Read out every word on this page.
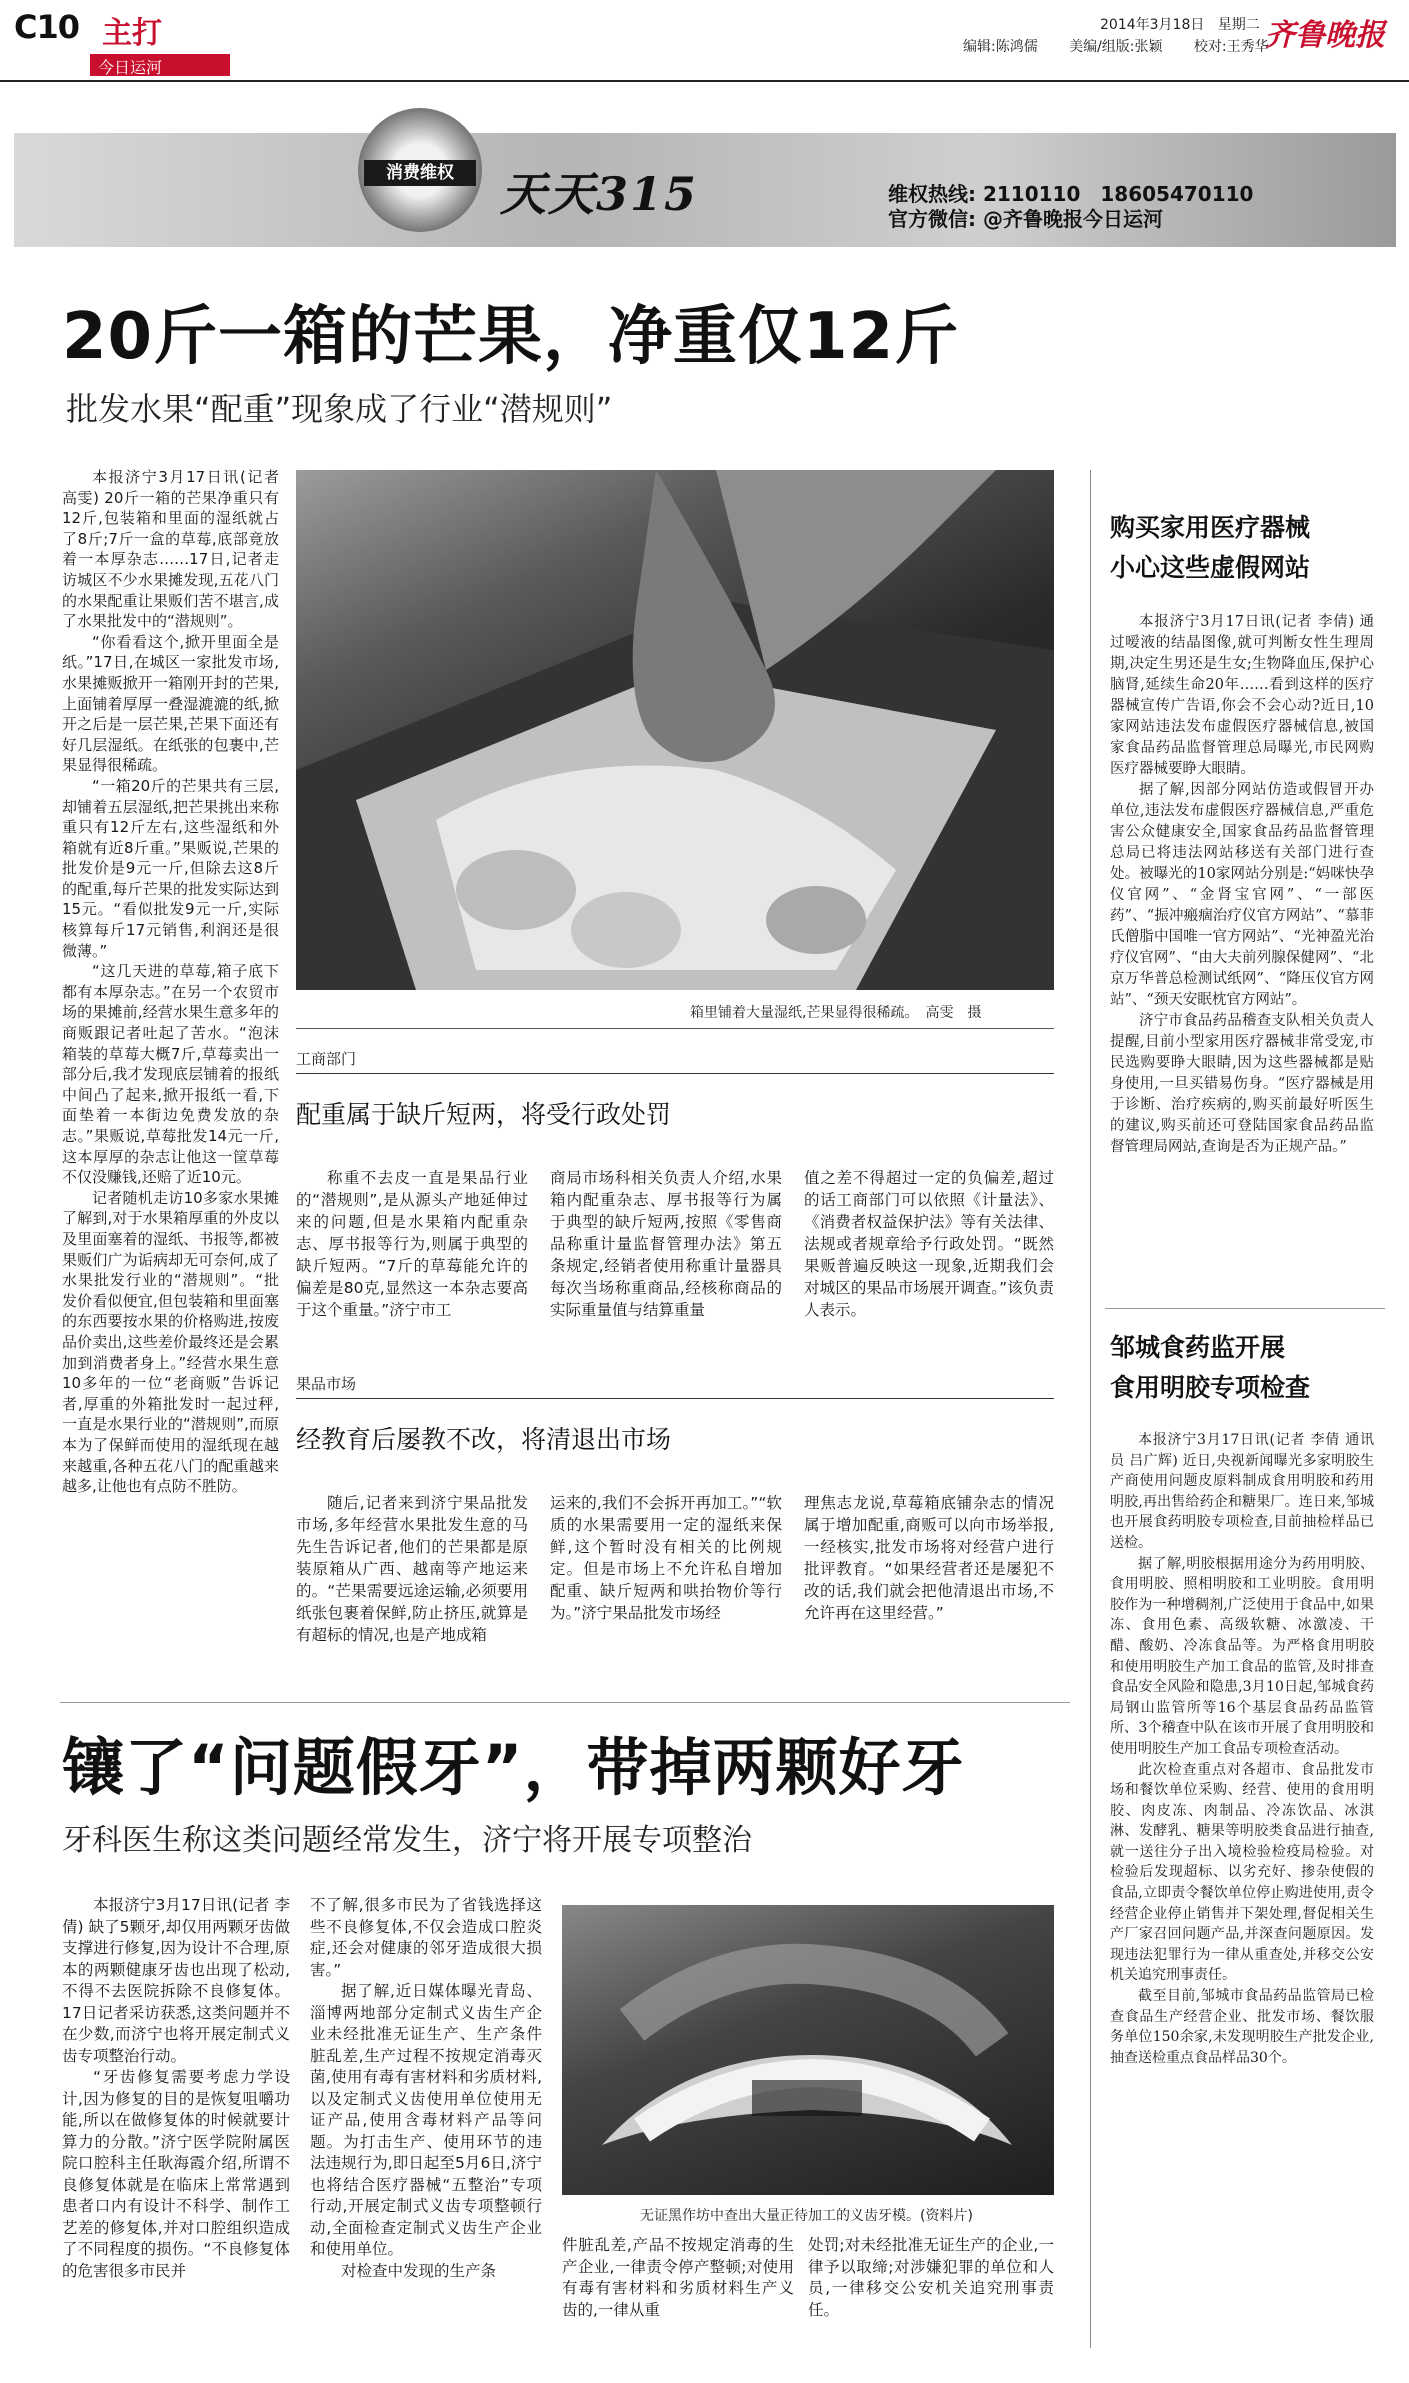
C10 主打
今日运河
2014年3月18日 星期二
编辑:陈鸿儒 美编/组版:张颖 校对:王秀华
齐鲁晚报
消费维权	天天315	维权热线: 2110110　18605470110
官方微信: @齐鲁晚报今日运河
20斤一箱的芒果，净重仅12斤
批发水果“配重”现象成了行业“潜规则”

本报济宁3月17日讯(记者 高雯) 20斤一箱的芒果净重只有12斤,包装箱和里面的湿纸就占了8斤;7斤一盒的草莓,底部竟放着一本厚杂志……17日,记者走访城区不少水果摊发现,五花八门的水果配重让果贩们苦不堪言,成了水果批发中的“潜规则”。

“你看看这个,掀开里面全是纸。”17日,在城区一家批发市场,水果摊贩掀开一箱刚开封的芒果,上面铺着厚厚一叠湿漉漉的纸,掀开之后是一层芒果,芒果下面还有好几层湿纸。在纸张的包裹中,芒果显得很稀疏。

“一箱20斤的芒果共有三层,却铺着五层湿纸,把芒果挑出来称重只有12斤左右,这些湿纸和外箱就有近8斤重。”果贩说,芒果的批发价是9元一斤,但除去这8斤的配重,每斤芒果的批发实际达到15元。“看似批发9元一斤,实际核算每斤17元销售,利润还是很微薄。”

“这几天进的草莓,箱子底下都有本厚杂志。”在另一个农贸市场的果摊前,经营水果生意多年的商贩跟记者吐起了苦水。“泡沫箱装的草莓大概7斤,草莓卖出一部分后,我才发现底层铺着的报纸中间凸了起来,掀开报纸一看,下面垫着一本街边免费发放的杂志。”果贩说,草莓批发14元一斤,这本厚厚的杂志让他这一筐草莓不仅没赚钱,还赔了近10元。

记者随机走访10多家水果摊了解到,对于水果箱厚重的外皮以及里面塞着的湿纸、书报等,都被果贩们广为诟病却无可奈何,成了水果批发行业的“潜规则”。“批发价看似便宜,但包装箱和里面塞的东西要按水果的价格购进,按废品价卖出,这些差价最终还是会累加到消费者身上。”经营水果生意10多年的一位“老商贩”告诉记者,厚重的外箱批发时一起过秤,一直是水果行业的“潜规则”,而原本为了保鲜而使用的湿纸现在越来越重,各种五花八门的配重越来越多,让他也有点防不胜防。

箱里铺着大量湿纸,芒果显得很稀疏。　高雯　摄
工商部门
配重属于缺斤短两，将受行政处罚

称重不去皮一直是果品行业的“潜规则”,是从源头产地延伸过来的问题,但是水果箱内配重杂志、厚书报等行为,则属于典型的缺斤短两。“7斤的草莓能允许的偏差是80克,显然这一本杂志要高于这个重量。”济宁市工

商局市场科相关负责人介绍,水果箱内配重杂志、厚书报等行为属于典型的缺斤短两,按照《零售商品称重计量监督管理办法》第五条规定,经销者使用称重计量器具每次当场称重商品,经核称商品的实际重量值与结算重量

值之差不得超过一定的负偏差,超过的话工商部门可以依照《计量法》、《消费者权益保护法》等有关法律、法规或者规章给予行政处罚。“既然果贩普遍反映这一现象,近期我们会对城区的果品市场展开调查。”该负责人表示。

果品市场
经教育后屡教不改，将清退出市场

随后,记者来到济宁果品批发市场,多年经营水果批发生意的马先生告诉记者,他们的芒果都是原装原箱从广西、越南等产地运来的。“芒果需要远途运输,必须要用纸张包裹着保鲜,防止挤压,就算是有超标的情况,也是产地成箱

运来的,我们不会拆开再加工。”“软质的水果需要用一定的湿纸来保鲜,这个暂时没有相关的比例规定。但是市场上不允许私自增加配重、缺斤短两和哄抬物价等行为。”济宁果品批发市场经

理焦志龙说,草莓箱底铺杂志的情况属于增加配重,商贩可以向市场举报,一经核实,批发市场将对经营户进行批评教育。“如果经营者还是屡犯不改的话,我们就会把他清退出市场,不允许再在这里经营。”

镶了“问题假牙”，带掉两颗好牙
牙科医生称这类问题经常发生，济宁将开展专项整治

本报济宁3月17日讯(记者 李倩) 缺了5颗牙,却仅用两颗牙齿做支撑进行修复,因为设计不合理,原本的两颗健康牙齿也出现了松动,不得不去医院拆除不良修复体。17日记者采访获悉,这类问题并不在少数,而济宁也将开展定制式义齿专项整治行动。

“牙齿修复需要考虑力学设计,因为修复的目的是恢复咀嚼功能,所以在做修复体的时候就要计算力的分散。”济宁医学院附属医院口腔科主任耿海霞介绍,所谓不良修复体就是在临床上常常遇到患者口内有设计不科学、制作工艺差的修复体,并对口腔组织造成了不同程度的损伤。“不良修复体的危害很多市民并

不了解,很多市民为了省钱选择这些不良修复体,不仅会造成口腔炎症,还会对健康的邻牙造成很大损害。”

据了解,近日媒体曝光青岛、淄博两地部分定制式义齿生产企业未经批准无证生产、生产条件脏乱差,生产过程不按规定消毒灭菌,使用有毒有害材料和劣质材料,以及定制式义齿使用单位使用无证产品,使用含毒材料产品等问题。为打击生产、使用环节的违法违规行为,即日起至5月6日,济宁也将结合医疗器械“五整治”专项行动,开展定制式义齿专项整顿行动,全面检查定制式义齿生产企业和使用单位。

对检查中发现的生产条

无证黑作坊中查出大量正待加工的义齿牙模。(资料片)

件脏乱差,产品不按规定消毒的生产企业,一律责令停产整顿;对使用有毒有害材料和劣质材料生产义齿的,一律从重

处罚;对未经批准无证生产的企业,一律予以取缔;对涉嫌犯罪的单位和人员,一律移交公安机关追究刑事责任。

购买家用医疗器械
小心这些虚假网站

本报济宁3月17日讯(记者 李倩) 通过嗳液的结晶图像,就可判断女性生理周期,决定生男还是生女;生物降血压,保护心脑肾,延续生命20年……看到这样的医疗器械宣传广告语,你会不会心动?近日,10家网站违法发布虚假医疗器械信息,被国家食品药品监督管理总局曝光,市民网购医疗器械要睁大眼睛。

据了解,因部分网站仿造或假冒开办单位,违法发布虚假医疗器械信息,严重危害公众健康安全,国家食品药品监督管理总局已将违法网站移送有关部门进行查处。被曝光的10家网站分别是:“妈咪快孕仪官网”、“金肾宝官网”、“一部医药”、“振冲瘢痼治疗仪官方网站”、“慕菲氏僧脂中国唯一官方网站”、“光神盈光治疗仪官网”、“由大夫前列腺保健网”、“北京万华普总检测试纸网”、“降压仪官方网站”、“颈天安眠枕官方网站”。

济宁市食品药品稽查支队相关负责人提醒,目前小型家用医疗器械非常受宠,市民选购要睁大眼睛,因为这些器械都是贴身使用,一旦买错易伤身。“医疗器械是用于诊断、治疗疾病的,购买前最好听医生的建议,购买前还可登陆国家食品药品监督管理局网站,查询是否为正规产品。”

邹城食药监开展
食用明胶专项检查

本报济宁3月17日讯(记者 李倩 通讯员 吕广辉) 近日,央视新闻曝光多家明胶生产商使用问题皮原料制成食用明胶和药用明胶,再出售给药企和糖果厂。连日来,邹城也开展食药明胶专项检查,目前抽检样品已送检。

据了解,明胶根据用途分为药用明胶、食用明胶、照相明胶和工业明胶。食用明胶作为一种增稠剂,广泛使用于食品中,如果冻、食用色素、高级软糖、冰激凌、干醋、酸奶、冷冻食品等。为严格食用明胶和使用明胶生产加工食品的监管,及时排查食品安全风险和隐患,3月10日起,邹城食药局钢山监管所等16个基层食品药品监管所、3个稽查中队在该市开展了食用明胶和使用明胶生产加工食品专项检查活动。

此次检查重点对各超市、食品批发市场和餐饮单位采购、经营、使用的食用明胶、肉皮冻、肉制品、冷冻饮品、冰淇淋、发酵乳、糖果等明胶类食品进行抽查,就一送往分子出入境检验检疫局检验。对检验后发现超标、以劣充好、掺杂使假的食品,立即责令餐饮单位停止购进使用,责令经营企业停止销售并下架处理,督促相关生产厂家召回问题产品,并深查问题原因。发现违法犯罪行为一律从重查处,并移交公安机关追究刑事责任。

截至目前,邹城市食品药品监管局已检查食品生产经营企业、批发市场、餐饮服务单位150余家,未发现明胶生产批发企业,抽查送检重点食品样品30个。
